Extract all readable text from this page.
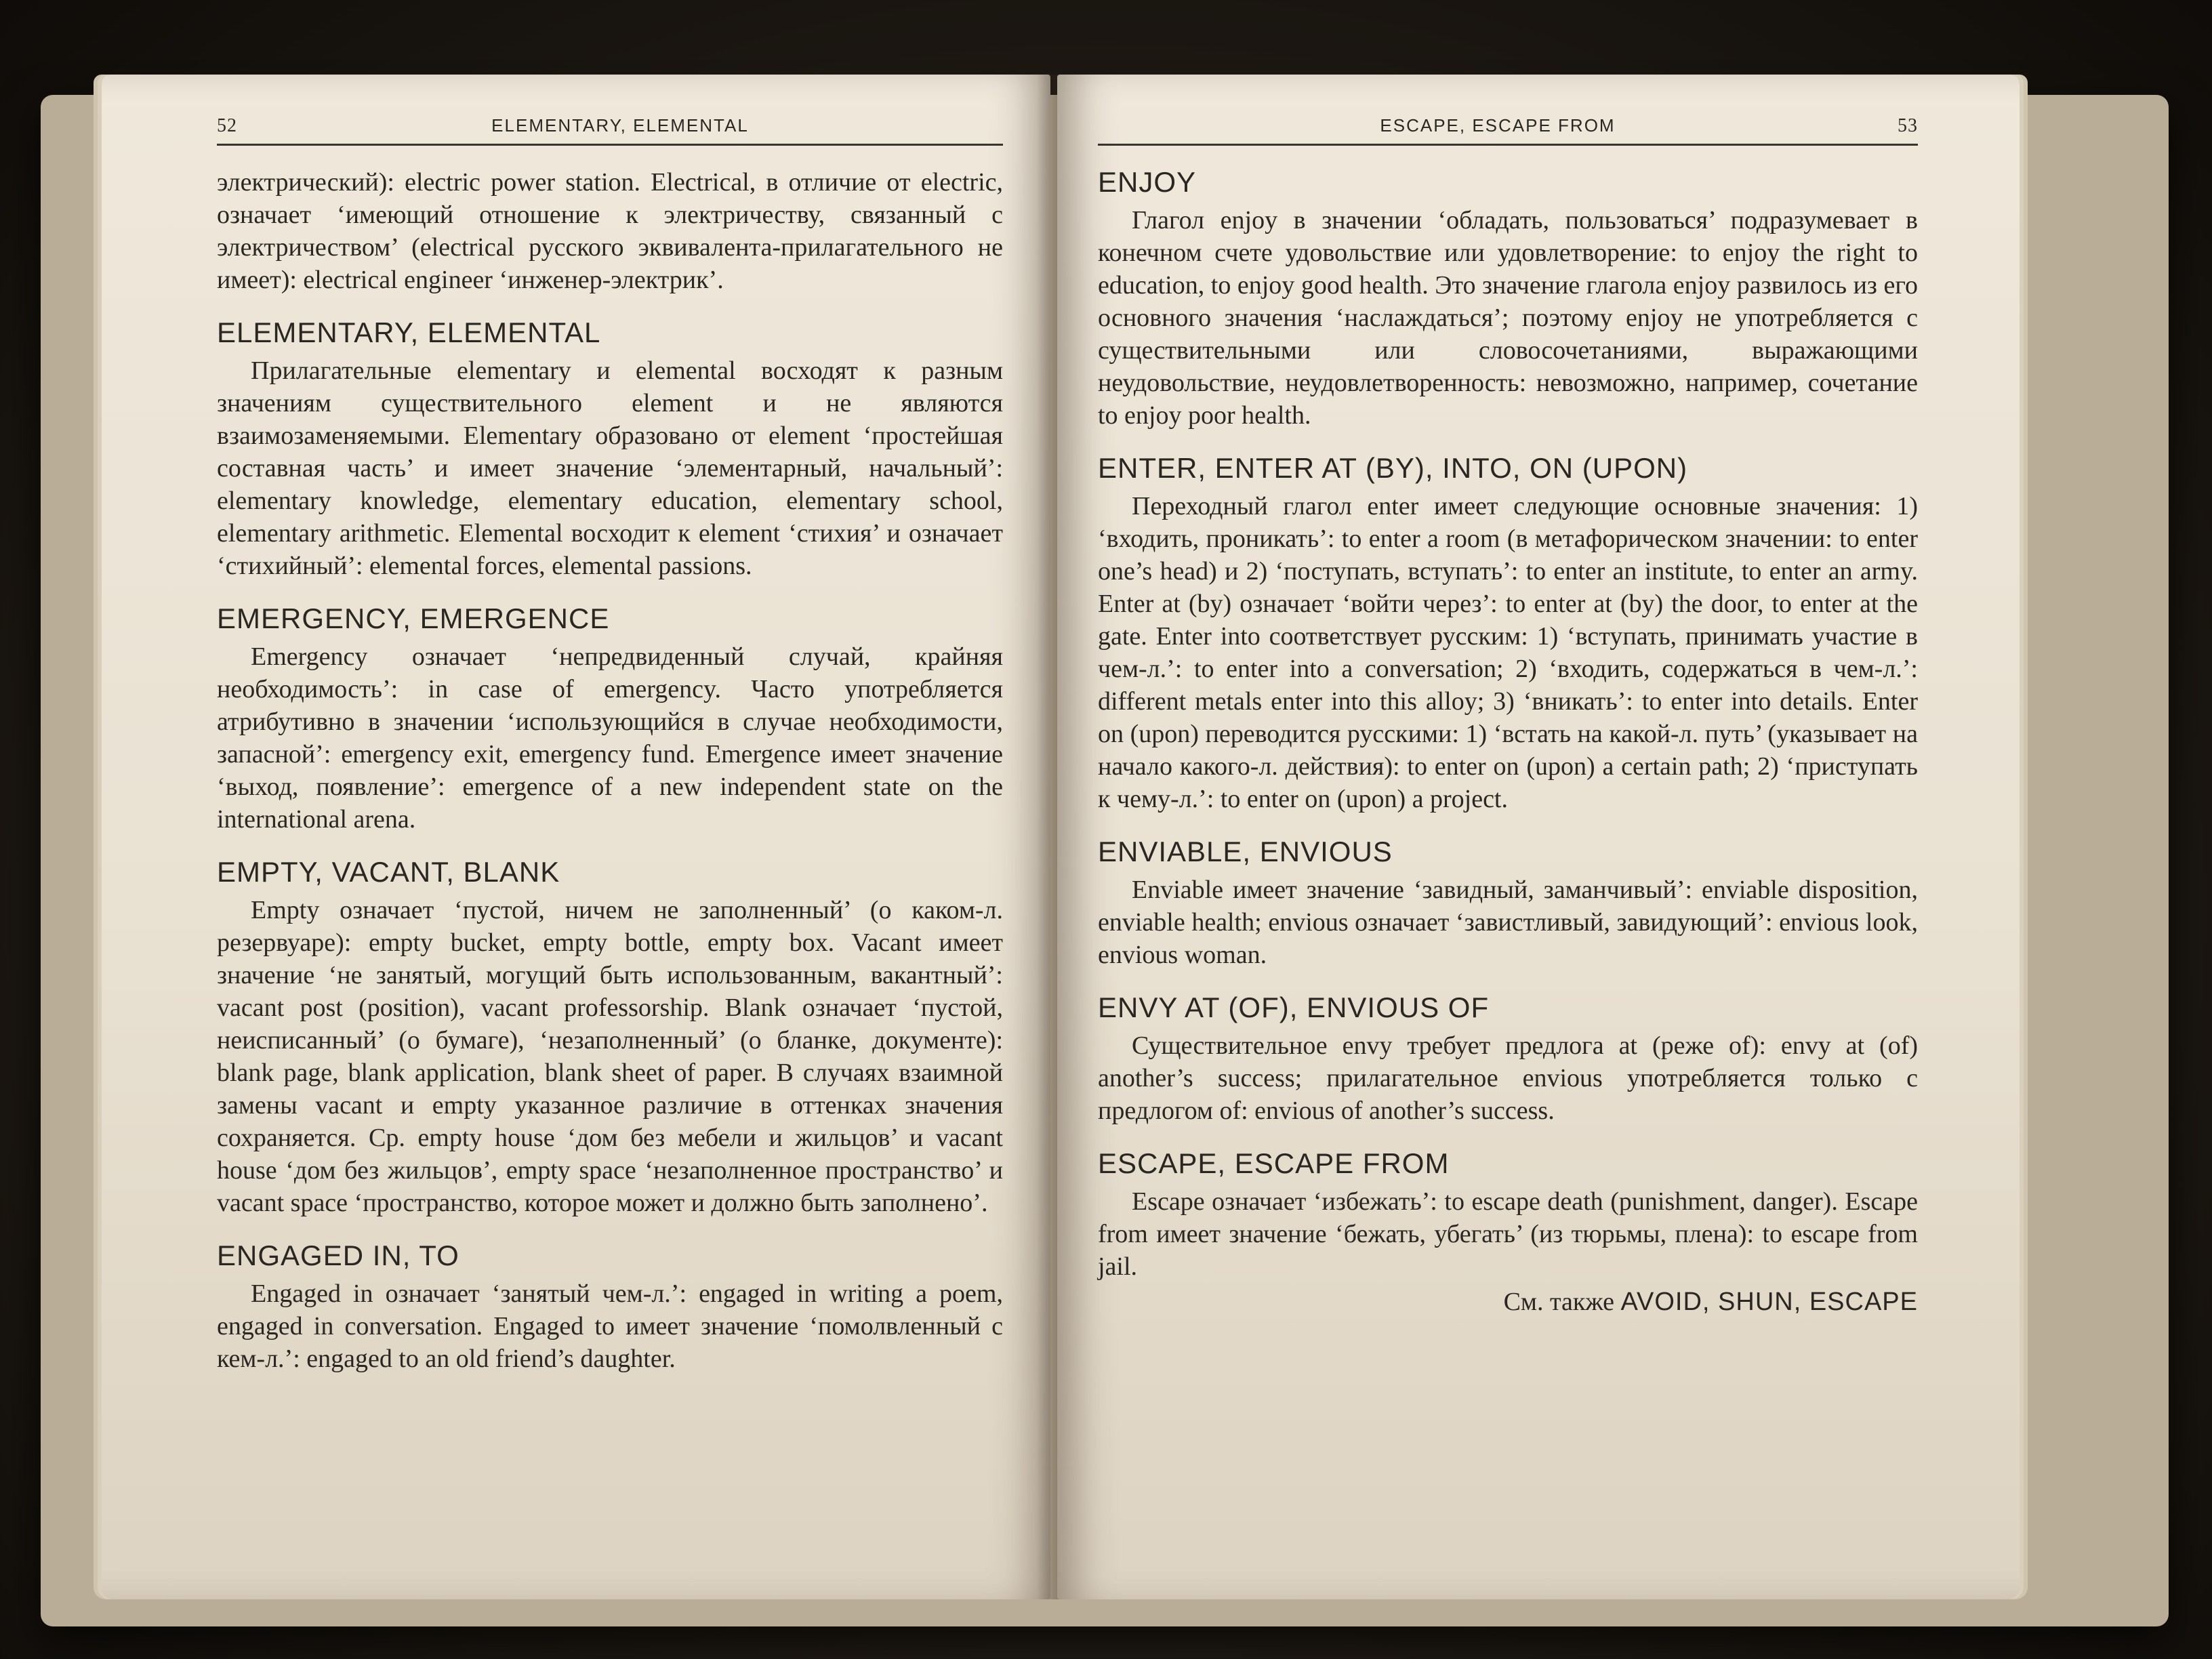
52	ELEMENTARY, ELEMENTAL

электрический): electric power station. Electrical, в отличие от electric, означает ‘имеющий отношение к электричеству, связанный с электричеством’ (electrical русского эквивалента-прилагательного не имеет): electrical engineer ‘инженер-электрик’.

ELEMENTARY, ELEMENTAL

Прилагательные elementary и elemental восходят к разным значениям существительного element и не являются взаимозаменяемыми. Elementary образовано от element ‘простейшая составная часть’ и имеет значение ‘элементарный, начальный’: elementary knowledge, elementary education, elementary school, elementary arithmetic. Elemental восходит к element ‘стихия’ и означает ‘стихийный’: elemental forces, elemental passions.

EMERGENCY, EMERGENCE

Emergency означает ‘непредвиденный случай, крайняя необходимость’: in case of emergency. Часто употребляется атрибутивно в значении ‘использующийся в случае необходимости, запасной’: emergency exit, emergency fund. Emergence имеет значение ‘выход, появление’: emergence of a new independent state on the international arena.

EMPTY, VACANT, BLANK

Empty означает ‘пустой, ничем не заполненный’ (о каком-л. резервуаре): empty bucket, empty bottle, empty box. Vacant имеет значение ‘не занятый, могущий быть использованным, вакантный’: vacant post (position), vacant professorship. Blank означает ‘пустой, неисписанный’ (о бумаге), ‘незаполненный’ (о бланке, документе): blank page, blank application, blank sheet of paper. В случаях взаимной замены vacant и empty указанное различие в оттенках значения сохраняется. Ср. empty house ‘дом без мебели и жильцов’ и vacant house ‘дом без жильцов’, empty space ‘незаполненное пространство’ и vacant space ‘пространство, которое может и должно быть заполнено’.

ENGAGED IN, TO

Engaged in означает ‘занятый чем-л.’: engaged in writing a poem, engaged in conversation. Engaged to имеет значение ‘помолвленный с кем-л.’: engaged to an old friend’s daughter.

ESCAPE, ESCAPE FROM	53
ENJOY

Глагол enjoy в значении ‘обладать, пользоваться’ подразумевает в конечном счете удовольствие или удовлетворение: to enjoy the right to education, to enjoy good health. Это значение глагола enjoy развилось из его основного значения ‘наслаждаться’; поэтому enjoy не употребляется с существительными или словосочетаниями, выражающими неудовольствие, неудовлетворенность: невозможно, например, сочетание to enjoy poor health.

ENTER, ENTER AT (BY), INTO, ON (UPON)

Переходный глагол enter имеет следующие основные значения: 1) ‘входить, проникать’: to enter a room (в метафорическом значении: to enter one’s head) и 2) ‘поступать, вступать’: to enter an institute, to enter an army. Enter at (by) означает ‘войти через’: to enter at (by) the door, to enter at the gate. Enter into соответствует русским: 1) ‘вступать, принимать участие в чем-л.’: to enter into a conversation; 2) ‘входить, содержаться в чем-л.’: different metals enter into this alloy; 3) ‘вникать’: to enter into details. Enter on (upon) переводится русскими: 1) ‘встать на какой-л. путь’ (указывает на начало какого-л. действия): to enter on (upon) a certain path; 2) ‘приступать к чему-л.’: to enter on (upon) a project.

ENVIABLE, ENVIOUS

Enviable имеет значение ‘завидный, заманчивый’: enviable disposition, enviable health; envious означает ‘завистливый, завидующий’: envious look, envious woman.

ENVY AT (OF), ENVIOUS OF

Существительное envy требует предлога at (реже of): envy at (of) another’s success; прилагательное envious употребляется только с предлогом of: envious of another’s success.

ESCAPE, ESCAPE FROM

Escape означает ‘избежать’: to escape death (punishment, danger). Escape from имеет значение ‘бежать, убегать’ (из тюрьмы, плена): to escape from jail.

См. также AVOID, SHUN, ESCAPE
